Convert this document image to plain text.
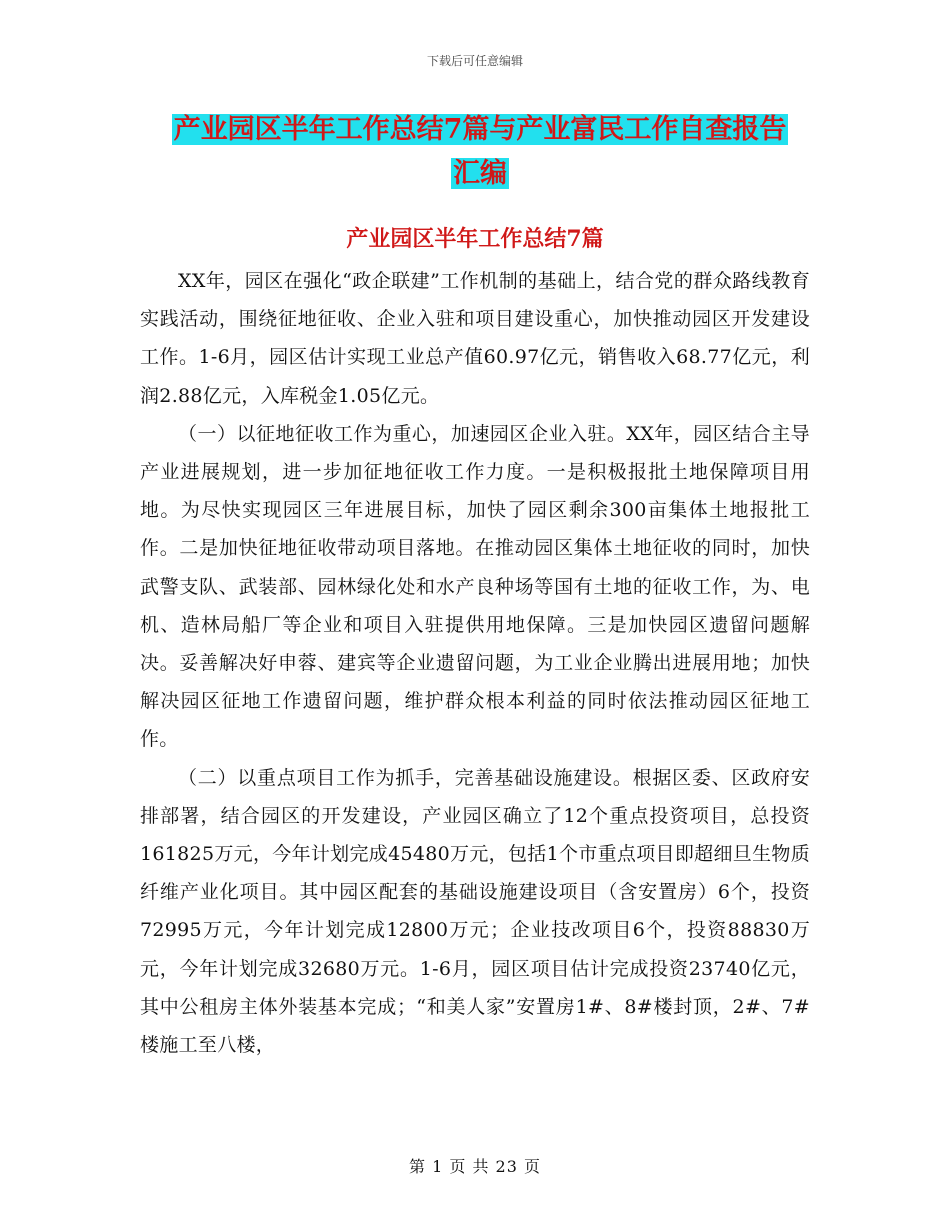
下载后可任意编辑
产业园区半年工作总结7篇与产业富民工作自查报告
汇编
产业园区半年工作总结7篇

XX年，园区在强化“政企联建”工作机制的基础上，结合党的群众路线教育实践活动，围绕征地征收、企业入驻和项目建设重心，加快推动园区开发建设工作。1-6月，园区估计实现工业总产值60.97亿元，销售收入68.77亿元，利润2.88亿元，入库税金1.05亿元。

（一）以征地征收工作为重心，加速园区企业入驻。XX年，园区结合主导产业进展规划，进一步加征地征收工作力度。一是积极报批土地保障项目用地。为尽快实现园区三年进展目标，加快了园区剩余300亩集体土地报批工作。二是加快征地征收带动项目落地。在推动园区集体土地征收的同时，加快武警支队、武装部、园林绿化处和水产良种场等国有土地的征收工作，为、电机、造林局船厂等企业和项目入驻提供用地保障。三是加快园区遗留问题解决。妥善解决好申蓉、建宾等企业遗留问题，为工业企业腾出进展用地；加快解决园区征地工作遗留问题，维护群众根本利益的同时依法推动园区征地工作。

（二）以重点项目工作为抓手，完善基础设施建设。根据区委、区政府安排部署，结合园区的开发建设，产业园区确立了12个重点投资项目，总投资161825万元，今年计划完成45480万元，包括1个市重点项目即超细旦生物质纤维产业化项目。其中园区配套的基础设施建设项目（含安置房）6个，投资72995万元，今年计划完成12800万元；企业技改项目6个，投资88830万元，今年计划完成32680万元。1-6月，园区项目估计完成投资23740亿元，其中公租房主体外装基本完成；“和美人家”安置房1#、8#楼封顶，2#、7#楼施工至八楼，

第 1 页 共 23 页
